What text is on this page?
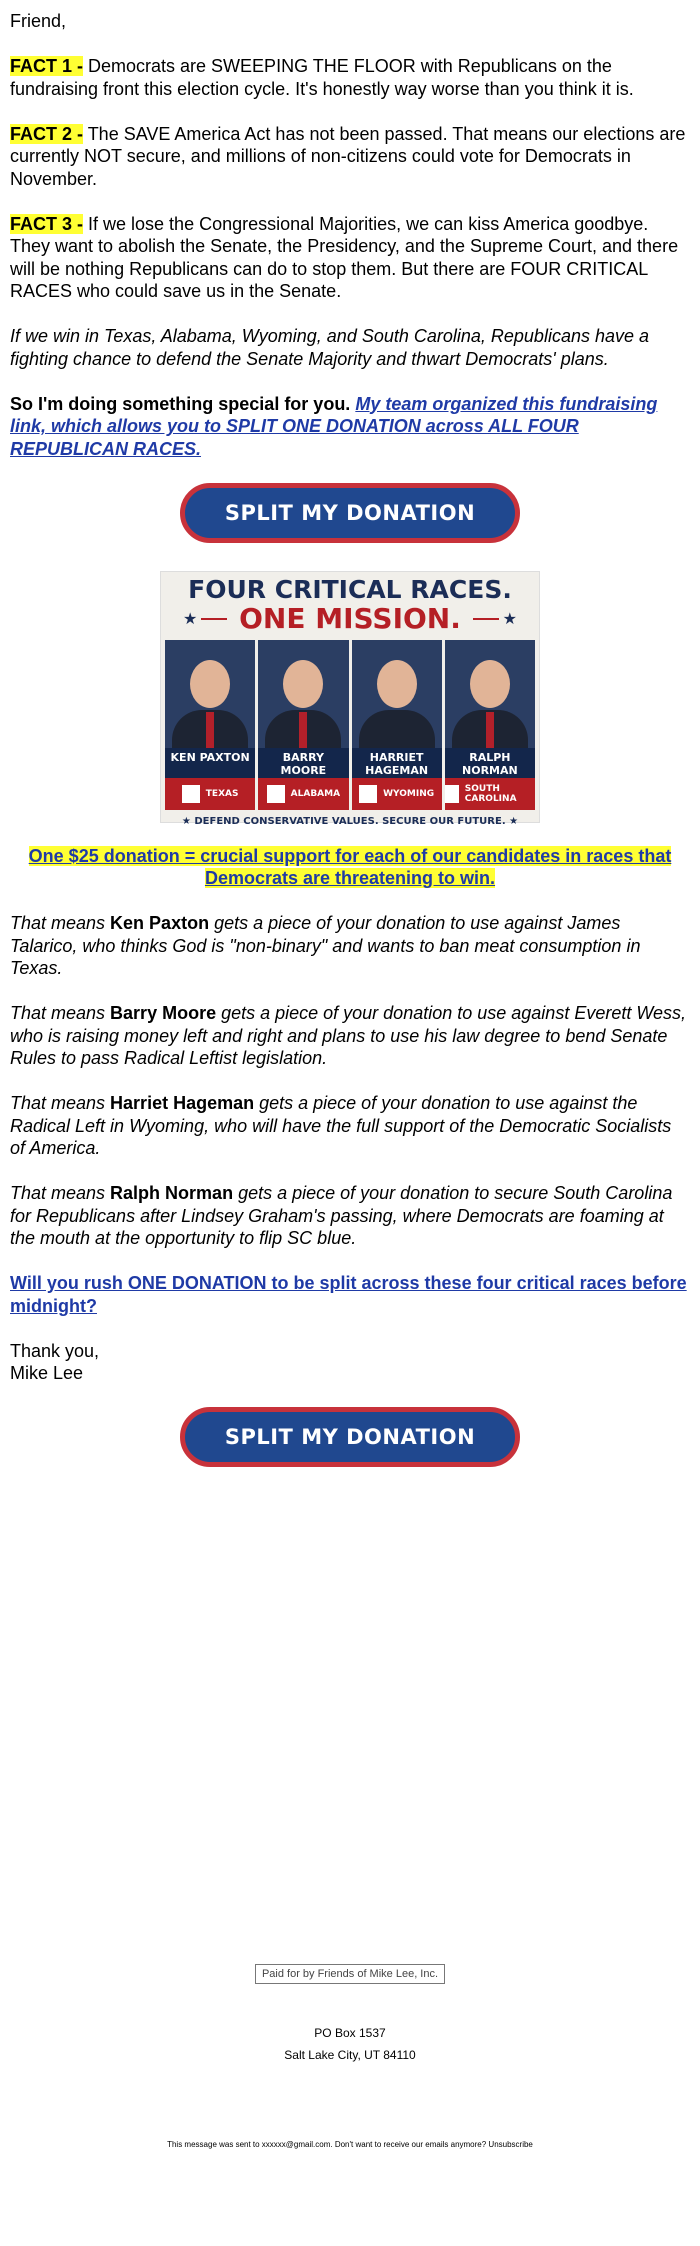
Friend,

FACT 1 - Democrats are SWEEPING THE FLOOR with Republicans on the fundraising front this election cycle. It's honestly way worse than you think it is.

FACT 2 - The SAVE America Act has not been passed. That means our elections are currently NOT secure, and millions of non-citizens could vote for Democrats in November.

FACT 3 - If we lose the Congressional Majorities, we can kiss America goodbye. They want to abolish the Senate, the Presidency, and the Supreme Court, and there will be nothing Republicans can do to stop them. But there are FOUR CRITICAL RACES who could save us in the Senate.

If we win in Texas, Alabama, Wyoming, and South Carolina, Republicans have a fighting chance to defend the Senate Majority and thwart Democrats' plans.

So I'm doing something special for you. My team organized this fundraising link, which allows you to SPLIT ONE DONATION across ALL FOUR REPUBLICAN RACES.

SPLIT MY DONATION
FOUR CRITICAL RACES.
★ ONE MISSION.	★
KEN PAXTON
TEXAS
BARRY MOORE
ALABAMA
HARRIET HAGEMAN
WYOMING
RALPH NORMAN
SOUTH CAROLINA
★ DEFEND CONSERVATIVE VALUES. SECURE OUR FUTURE. ★

One $25 donation = crucial support for each of our candidates in races that Democrats are threatening to win.

That means Ken Paxton gets a piece of your donation to use against James Talarico, who thinks God is "non-binary" and wants to ban meat consumption in Texas.

That means Barry Moore gets a piece of your donation to use against Everett Wess, who is raising money left and right and plans to use his law degree to bend Senate Rules to pass Radical Leftist legislation.

That means Harriet Hageman gets a piece of your donation to use against the Radical Left in Wyoming, who will have the full support of the Democratic Socialists of America.

That means Ralph Norman gets a piece of your donation to secure South Carolina for Republicans after Lindsey Graham's passing, where Democrats are foaming at the mouth at the opportunity to flip SC blue.

Will you rush ONE DONATION to be split across these four critical races before midnight?

Thank you,
Mike Lee

SPLIT MY DONATION
Paid for by Friends of Mike Lee, Inc.
PO Box 1537
Salt Lake City, UT 84110
This message was sent to xxxxxx@gmail.com. Don't want to receive our emails anymore? Unsubscribe
